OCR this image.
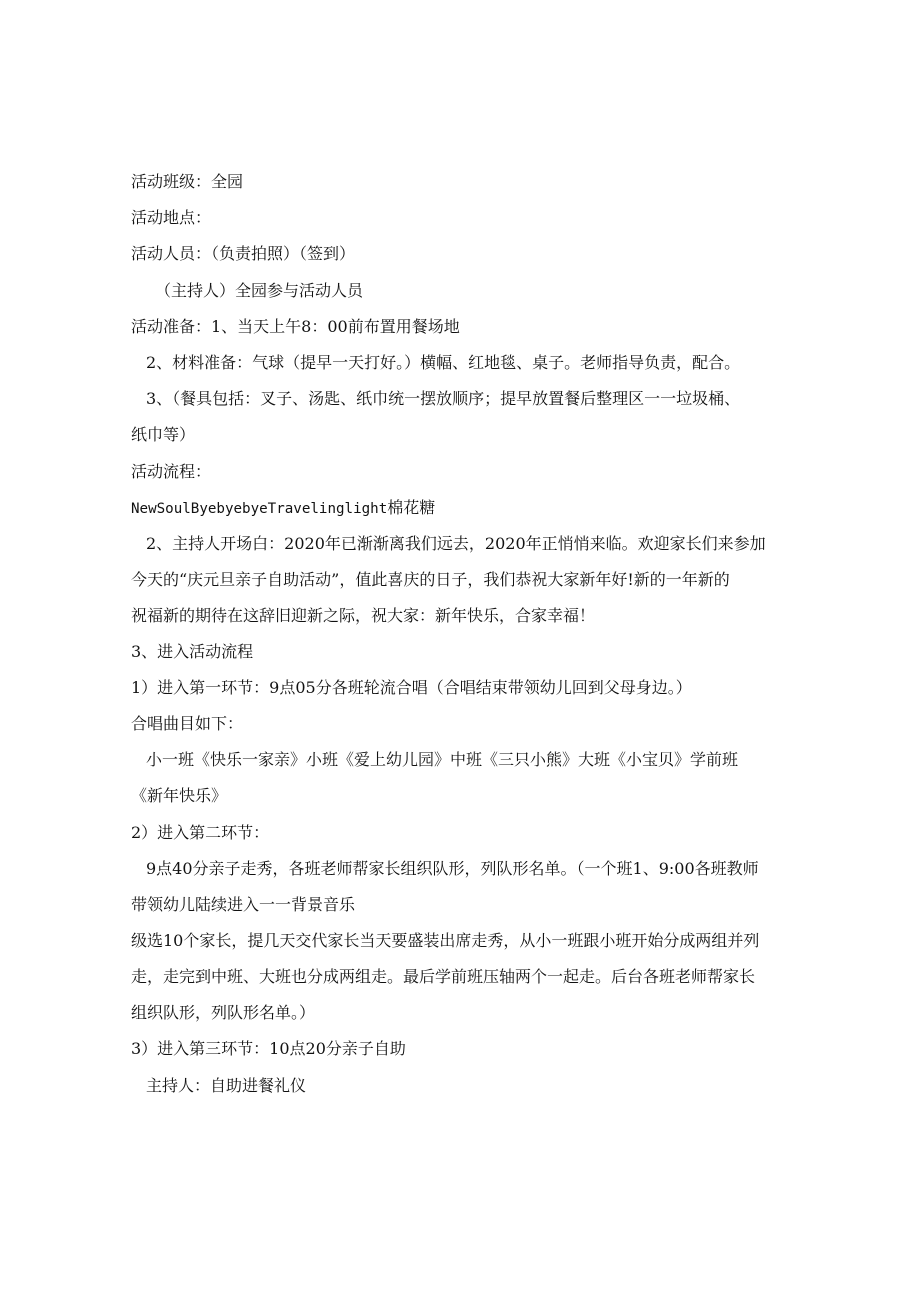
活动班级：全园
活动地点：
活动人员：（负责拍照）（签到）
（主持人）全园参与活动人员
活动准备：1、当天上午8：00前布置用餐场地
2、材料准备：气球（提早一天打好。）横幅、红地毯、桌子。老师指导负责，配合。
3、（餐具包括：叉子、汤匙、纸巾统一摆放顺序；提早放置餐后整理区一一垃圾桶、
纸巾等）
活动流程：
NewSoulByebyebyeTravelinglight棉花糖
2、主持人开场白：2020年已渐渐离我们远去，2020年正悄悄来临。欢迎家长们来参加
今天的“庆元旦亲子自助活动”，值此喜庆的日子，我们恭祝大家新年好!新的一年新的
祝福新的期待在这辞旧迎新之际，祝大家：新年快乐，合家幸福！
3、进入活动流程
1）进入第一环节：9点05分各班轮流合唱（合唱结束带领幼儿回到父母身边。）
合唱曲目如下：
小一班《快乐一家亲》小班《爱上幼儿园》中班《三只小熊》大班《小宝贝》学前班
《新年快乐》
2）进入第二环节：
9点40分亲子走秀，各班老师帮家长组织队形，列队形名单。（一个班1、9:00各班教师
带领幼儿陆续进入一一背景音乐
级选10个家长，提几天交代家长当天要盛装出席走秀，从小一班跟小班开始分成两组并列
走，走完到中班、大班也分成两组走。最后学前班压轴两个一起走。后台各班老师帮家长
组织队形，列队形名单。）
3）进入第三环节：10点20分亲子自助
主持人：自助进餐礼仪
